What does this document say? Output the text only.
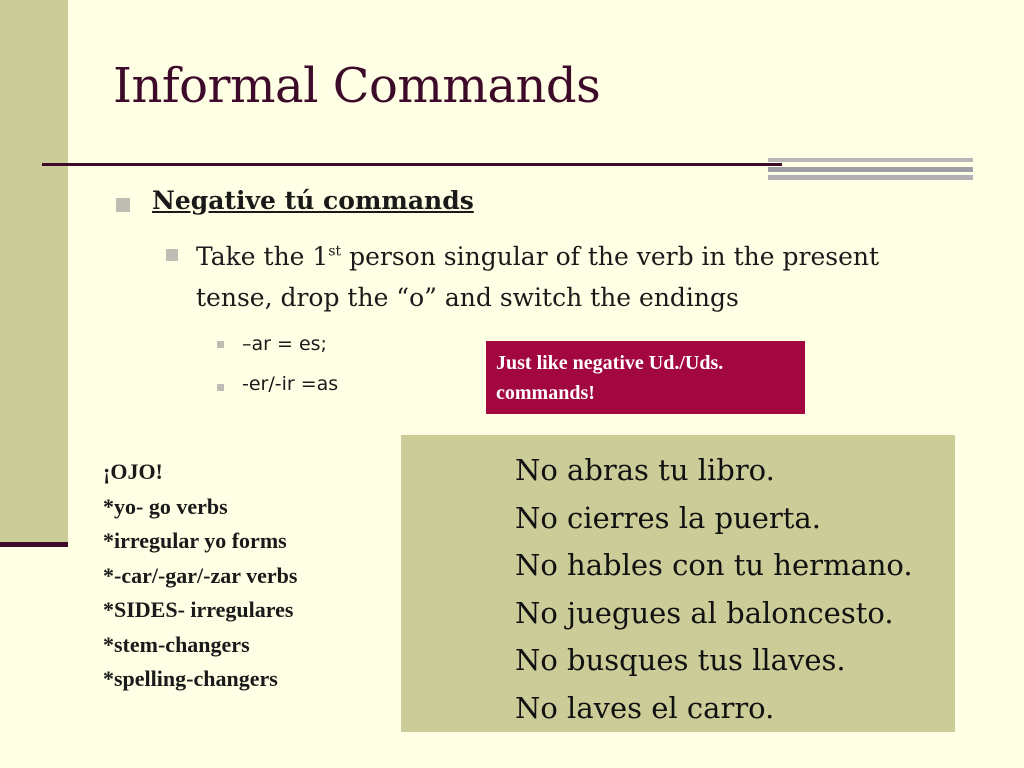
Informal Commands
Negative tú commands
Take the 1st person singular of the verb in the present tense, drop the “o” and switch the endings
–ar = es;
-er/-ir =as
Just like negative Ud./Uds. commands!
¡OJO!
*yo- go verbs
*irregular yo forms
*-car/-gar/-zar verbs
*SIDES- irregulares
*stem-changers
*spelling-changers
No abras tu libro.
No cierres la puerta.
No hables con tu hermano.
No juegues al baloncesto.
No busques tus llaves.
No laves el carro.
